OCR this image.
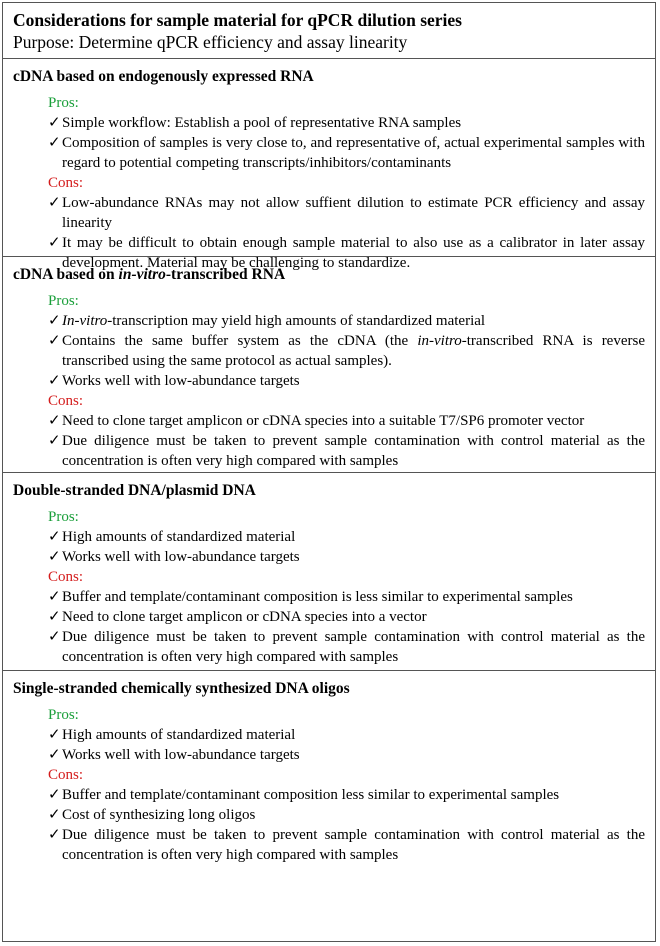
Considerations for sample material for qPCR dilution series
Purpose: Determine qPCR efficiency and assay linearity
cDNA based on endogenously expressed RNA
Pros:
✓ Simple workflow: Establish a pool of representative RNA samples
✓ Composition of samples is very close to, and representative of, actual experimental samples with regard to potential competing transcripts/inhibitors/contaminants
Cons:
✓ Low-abundance RNAs may not allow suffient dilution to estimate PCR efficiency and assay linearity
✓ It may be difficult to obtain enough sample material to also use as a calibrator in later assay development. Material may be challenging to standardize.
cDNA based on in-vitro-transcribed RNA
Pros:
✓ In-vitro-transcription may yield high amounts of standardized material
✓ Contains the same buffer system as the cDNA (the in-vitro-transcribed RNA is reverse transcribed using the same protocol as actual samples).
✓ Works well with low-abundance targets
Cons:
✓ Need to clone target amplicon or cDNA species into a suitable T7/SP6 promoter vector
✓ Due diligence must be taken to prevent sample contamination with control material as the concentration is often very high compared with samples
Double-stranded DNA/plasmid DNA
Pros:
✓ High amounts of standardized material
✓ Works well with low-abundance targets
Cons:
✓ Buffer and template/contaminant composition is less similar to experimental samples
✓ Need to clone target amplicon or cDNA species into a vector
✓ Due diligence must be taken to prevent sample contamination with control material as the concentration is often very high compared with samples
Single-stranded chemically synthesized DNA oligos
Pros:
✓ High amounts of standardized material
✓ Works well with low-abundance targets
Cons:
✓ Buffer and template/contaminant composition less similar to experimental samples
✓ Cost of synthesizing long oligos
✓ Due diligence must be taken to prevent sample contamination with control material as the concentration is often very high compared with samples
